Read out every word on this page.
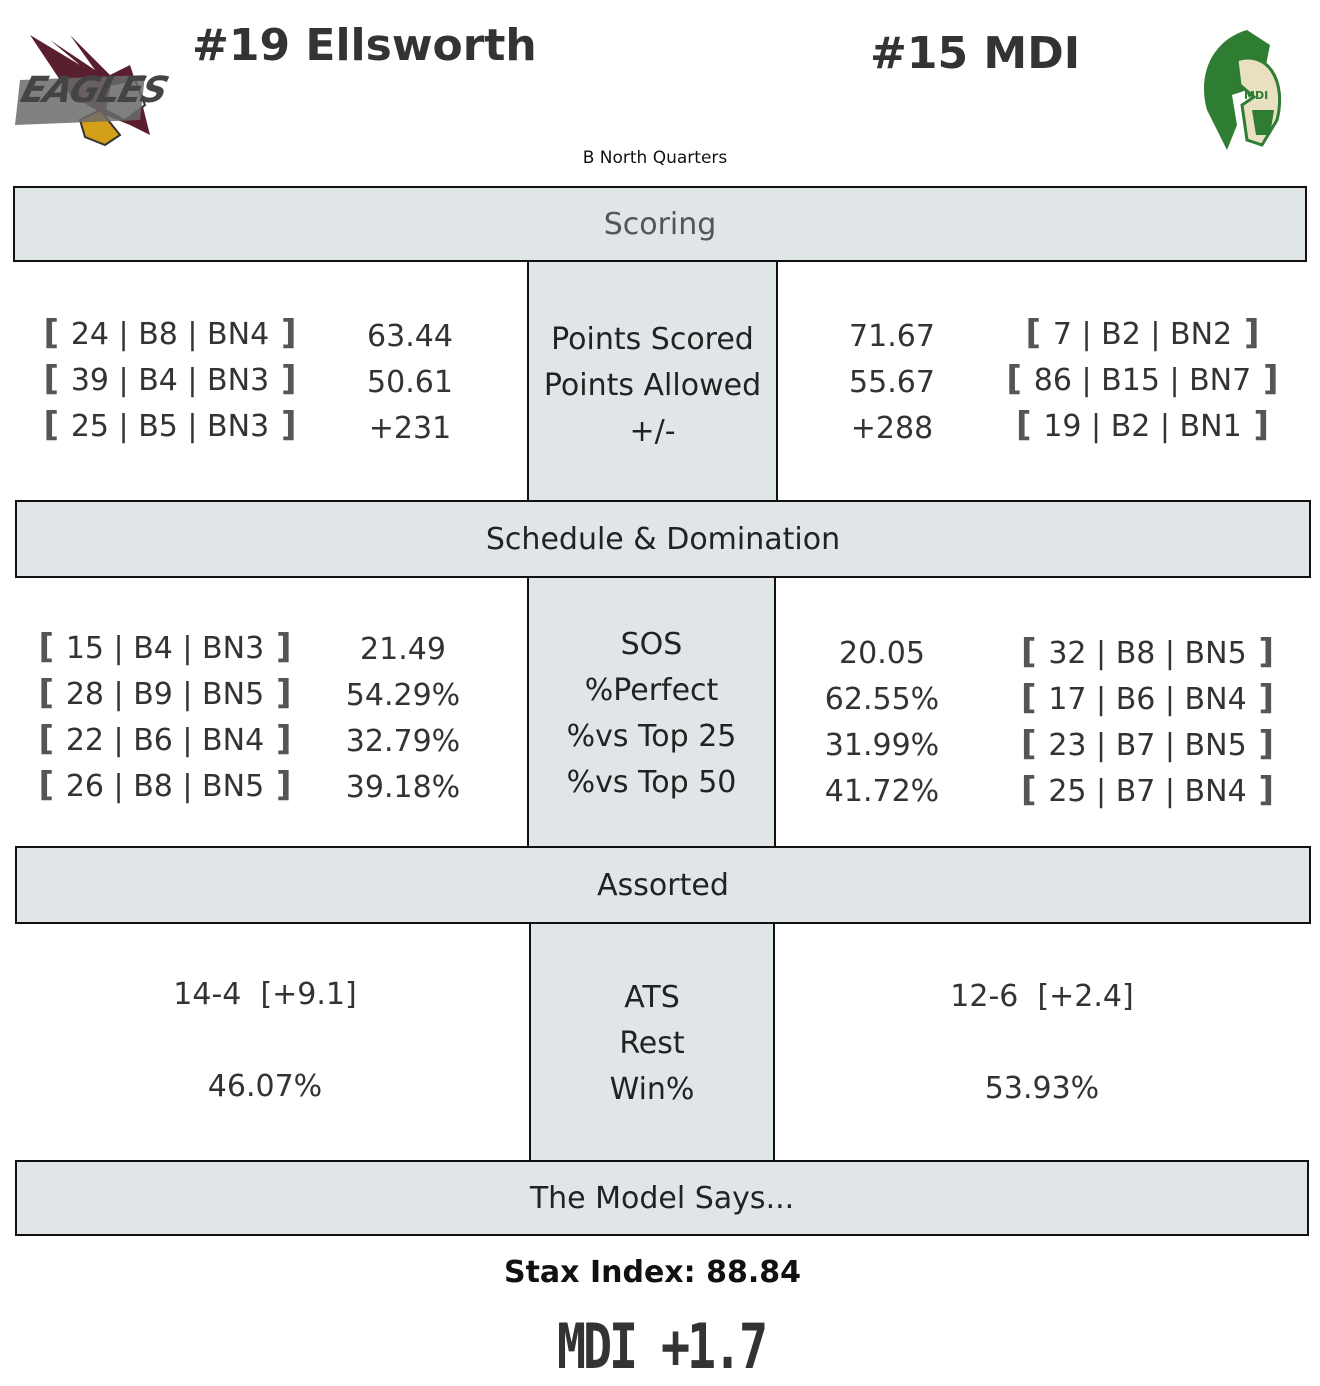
EAGLES
#19 Ellsworth	#15 MDI
MDI
B North Quarters
Scoring
[ 24 | B8 | BN4 ]
[ 39 | B4 | BN3 ]
[ 25 | B5 | BN3 ]
63.44
50.61
+231
Points Scored
Points Allowed
+/-
71.67
55.67
+288
[ 7 | B2 | BN2 ]
[ 86 | B15 | BN7 ]
[ 19 | B2 | BN1 ]
Schedule & Domination
[ 15 | B4 | BN3 ]
[ 28 | B9 | BN5 ]
[ 22 | B6 | BN4 ]
[ 26 | B8 | BN5 ]
21.49
54.29%
32.79%
39.18%
SOS
%Perfect
%vs Top 25
%vs Top 50
20.05
62.55%
31.99%
41.72%
[ 32 | B8 | BN5 ]
[ 17 | B6 | BN4 ]
[ 23 | B7 | BN5 ]
[ 25 | B7 | BN4 ]
Assorted
14-4  [+9.1]
46.07%
ATS
Rest
Win%
12-6  [+2.4]
53.93%
The Model Says...
Stax Index: 88.84
MDI +1.7
